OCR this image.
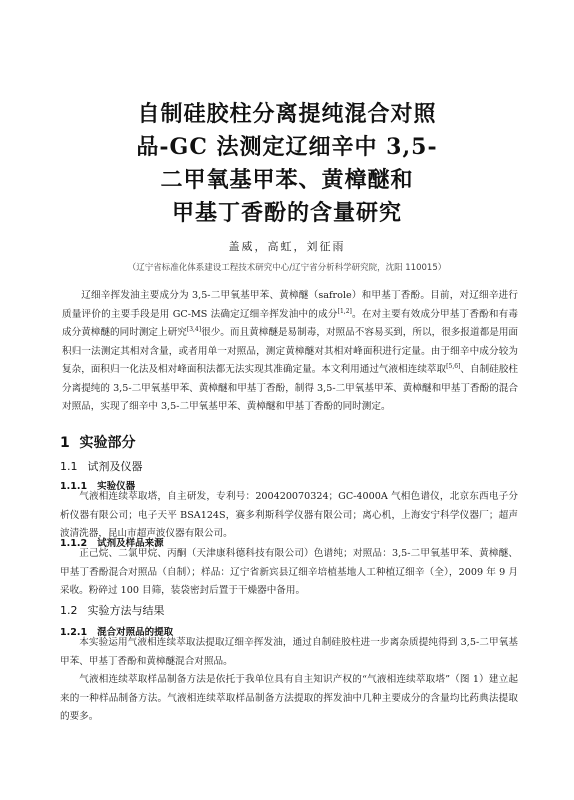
自制硅胶柱分离提纯混合对照
品-GC 法测定辽细辛中 3,5-
二甲氧基甲苯、黄樟醚和
甲基丁香酚的含量研究
盖威，高虹，刘征雨
（辽宁省标准化体系建设工程技术研究中心/辽宁省分析科学研究院，沈阳 110015）

辽细辛挥发油主要成分为 3,5-二甲氧基甲苯、黄樟醚（safrole）和甲基丁香酚。目前，对辽细辛进行质量评价的主要手段是用 GC-MS 法确定辽细辛挥发油中的成分[1,2]。在对主要有效成分甲基丁香酚和有毒成分黄樟醚的同时测定上研究[3,4]很少。而且黄樟醚是易制毒，对照品不容易买到，所以，很多报道都是用面积归一法测定其相对含量，或者用单一对照品，测定黄樟醚对其相对峰面积进行定量。由于细辛中成分较为复杂，面积归一化法及相对峰面积法都无法实现其准确定量。本文利用通过气液相连续萃取[5,6]、自制硅胶柱分离提纯的 3,5-二甲氧基甲苯、黄樟醚和甲基丁香酚，制得 3,5-二甲氧基甲苯、黄樟醚和甲基丁香酚的混合对照品，实现了细辛中 3,5-二甲氧基甲苯、黄樟醚和甲基丁香酚的同时测定。

1 实验部分
1.1 试剂及仪器
1.1.1 实验仪器

气液相连续萃取塔，自主研发，专利号：200420070324；GC-4000A 气相色谱仪，北京东西电子分析仪器有限公司；电子天平 BSA124S，赛多利斯科学仪器有限公司；离心机，上海安宁科学仪器厂；超声波清洗器，昆山市超声波仪器有限公司。

1.1.2 试剂及样品来源

正己烷、二氯甲烷、丙酮（天津康科德科技有限公司）色谱纯；对照品：3,5-二甲氧基甲苯、黄樟醚、甲基丁香酚混合对照品（自制）；样品：辽宁省新宾县辽细辛培植基地人工种植辽细辛（全），2009 年 9 月采收。粉碎过 100 目筛，装袋密封后置于干燥器中备用。

1.2 实验方法与结果
1.2.1 混合对照品的提取

本实验运用气液相连续萃取法提取辽细辛挥发油，通过自制硅胶柱进一步离杂质提纯得到 3,5-二甲氧基甲苯、甲基丁香酚和黄樟醚混合对照品。

气液相连续萃取样品制备方法是依托于我单位具有自主知识产权的“气液相连续萃取塔”（图 1）建立起来的一种样品制备方法。气液相连续萃取样品制备方法提取的挥发油中几种主要成分的含量均比药典法提取的要多。
